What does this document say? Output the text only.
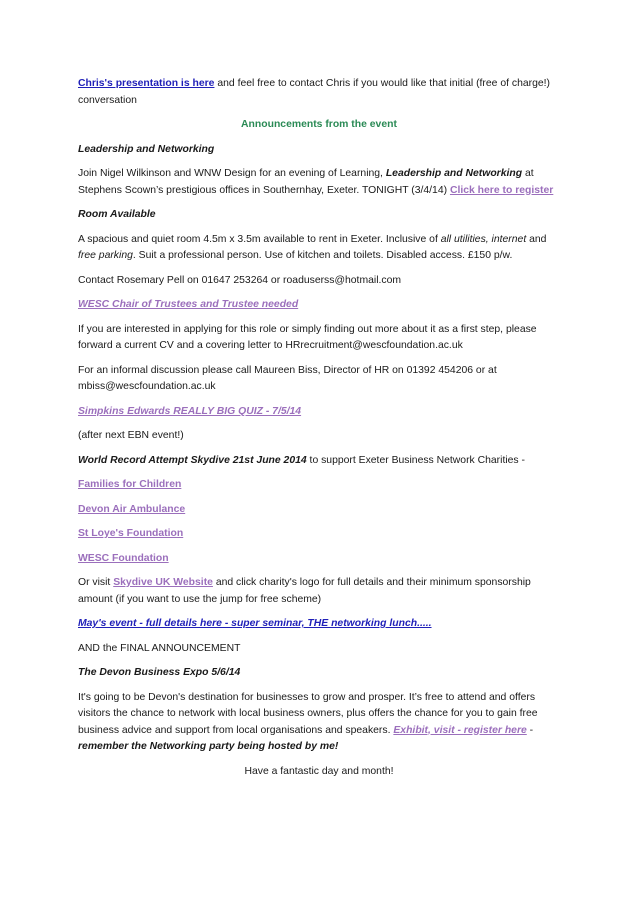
Chris's presentation is here and feel free to contact Chris if you would like that initial (free of charge!) conversation

Announcements from the event

Leadership and Networking

Join Nigel Wilkinson and WNW Design for an evening of Learning, Leadership and Networking at Stephens Scown’s prestigious offices in Southernhay, Exeter. TONIGHT (3/4/14) Click here to register

Room Available

A spacious and quiet room 4.5m x 3.5m available to rent in Exeter. Inclusive of all utilities, internet and free parking. Suit a professional person. Use of kitchen and toilets. Disabled access. £150 p/w.

Contact Rosemary Pell on 01647 253264 or roaduserss@hotmail.com

WESC Chair of Trustees and Trustee needed

If you are interested in applying for this role or simply finding out more about it as a first step, please forward a current CV and a covering letter to HRrecruitment@wescfoundation.ac.uk

For an informal discussion please call Maureen Biss, Director of HR on 01392 454206 or at mbiss@wescfoundation.ac.uk

Simpkins Edwards REALLY BIG QUIZ - 7/5/14

(after next EBN event!)

World Record Attempt Skydive 21st June 2014 to support Exeter Business Network Charities -

Families for Children

Devon Air Ambulance

St Loye's Foundation

WESC Foundation

Or visit Skydive UK Website and click charity's logo for full details and their minimum sponsorship amount (if you want to use the jump for free scheme)

May's event - full details here - super seminar, THE networking lunch.....

AND the FINAL ANNOUNCEMENT

The Devon Business Expo 5/6/14

It's going to be Devon's destination for businesses to grow and prosper. It’s free to attend and offers visitors the chance to network with local business owners, plus offers the chance for you to gain free business advice and support from local organisations and speakers. Exhibit, visit - register here - remember the Networking party being hosted by me!

Have a fantastic day and month!
